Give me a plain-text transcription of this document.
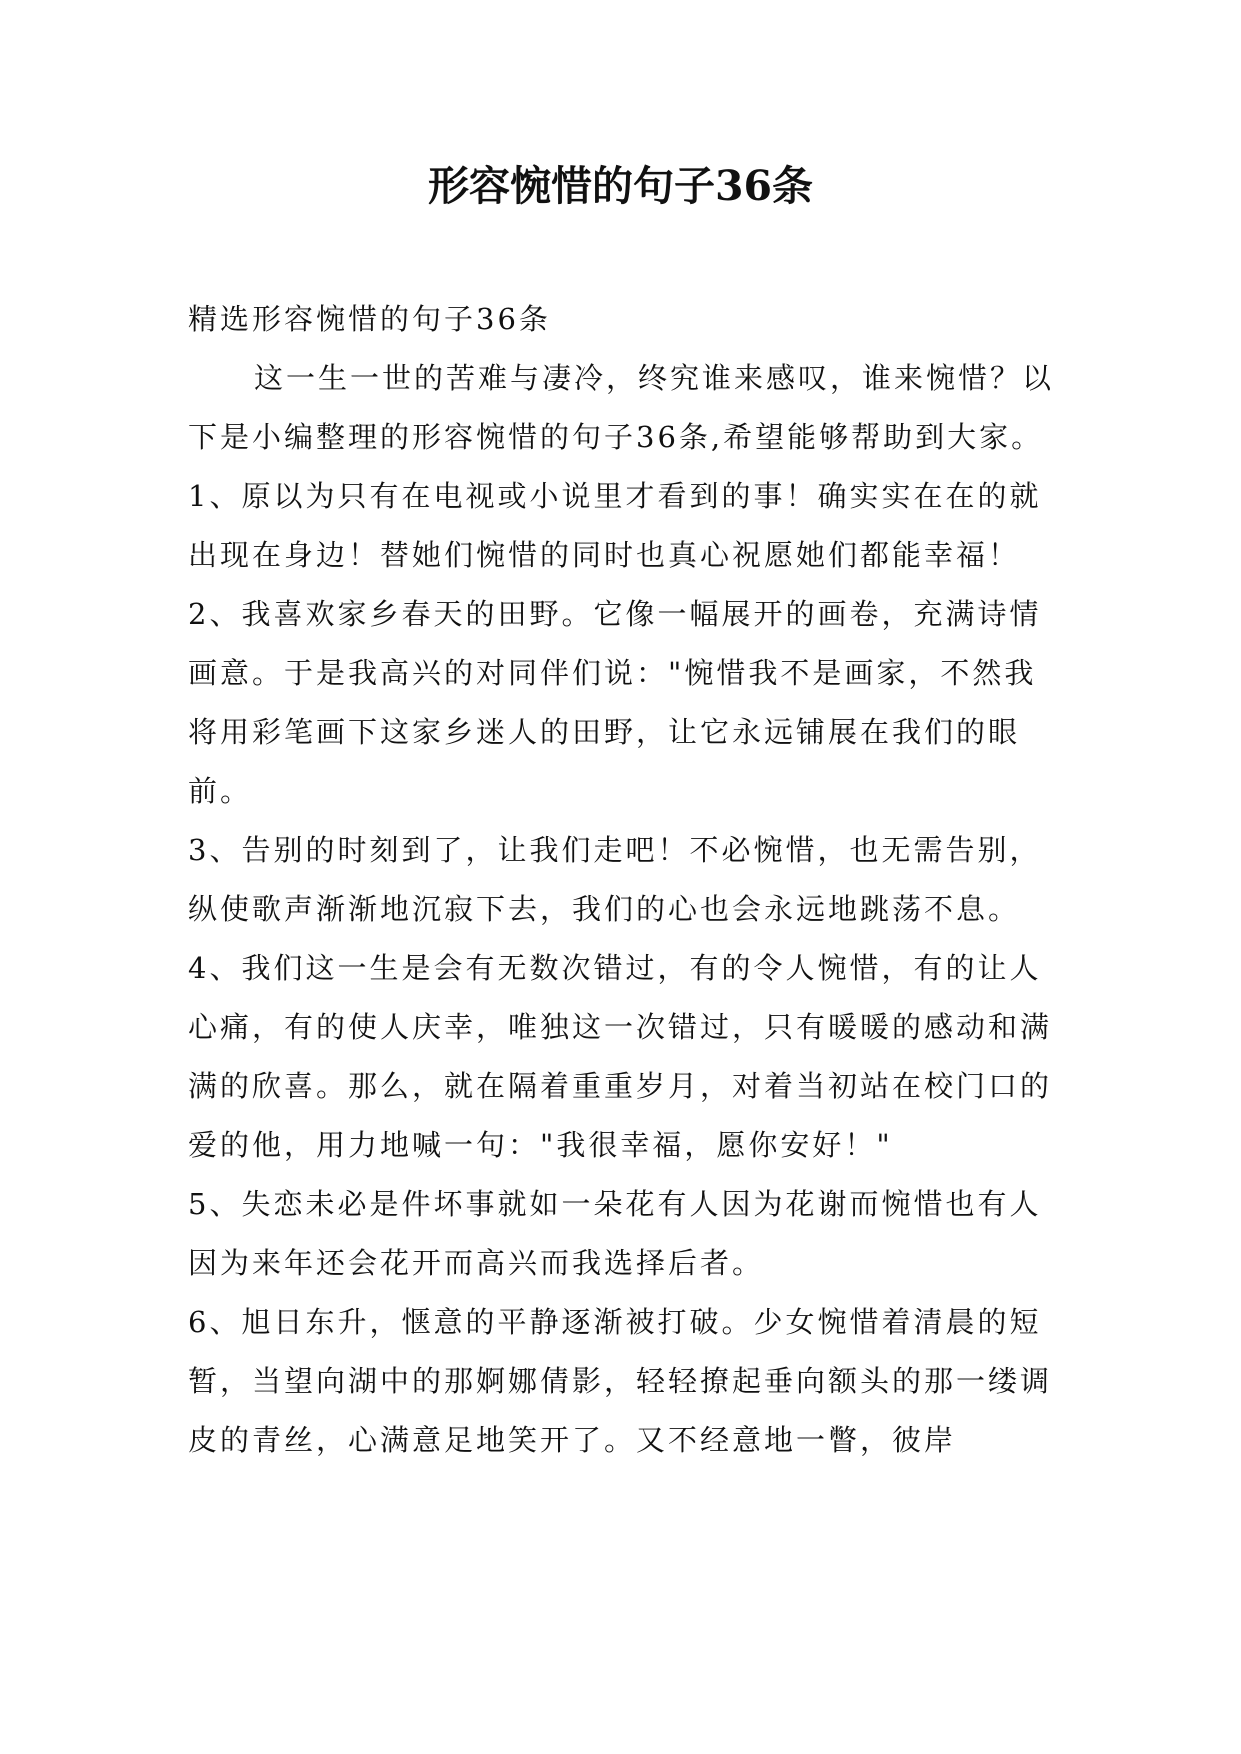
形容惋惜的句子36条

精选形容惋惜的句子36条

这一生一世的苦难与凄冷，终究谁来感叹，谁来惋惜？以下是小编整理的形容惋惜的句子36条,希望能够帮助到大家。

1、原以为只有在电视或小说里才看到的事！确实实在在的就出现在身边！替她们惋惜的同时也真心祝愿她们都能幸福！

2、我喜欢家乡春天的田野。它像一幅展开的画卷，充满诗情画意。于是我高兴的对同伴们说："惋惜我不是画家，不然我将用彩笔画下这家乡迷人的田野，让它永远铺展在我们的眼前。

3、告别的时刻到了，让我们走吧！不必惋惜，也无需告别，纵使歌声渐渐地沉寂下去，我们的心也会永远地跳荡不息。

4、我们这一生是会有无数次错过，有的令人惋惜，有的让人心痛，有的使人庆幸，唯独这一次错过，只有暖暖的感动和满满的欣喜。那么，就在隔着重重岁月，对着当初站在校门口的爱的他，用力地喊一句："我很幸福，愿你安好！"

5、失恋未必是件坏事就如一朵花有人因为花谢而惋惜也有人因为来年还会花开而高兴而我选择后者。

6、旭日东升，惬意的平静逐渐被打破。少女惋惜着清晨的短暂，当望向湖中的那婀娜倩影，轻轻撩起垂向额头的那一缕调皮的青丝，心满意足地笑开了。又不经意地一瞥，彼岸
